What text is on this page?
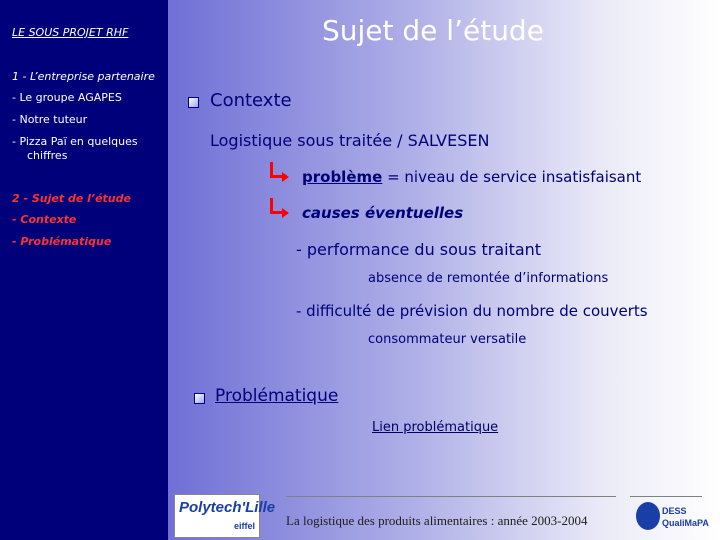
LE SOUS PROJET RHF
1 - L’entreprise partenaire
- Le groupe AGAPES
- Notre tuteur
- Pizza Paï en quelques
chiffres
2 - Sujet de l’étude
- Contexte
- Problématique
Sujet de l’étude
Contexte
Logistique sous traitée / SALVESEN
problème = niveau de service insatisfaisant
causes éventuelles
- performance du sous traitant
absence de remontée d’informations
- difficulté de prévision du nombre de couverts
consommateur versatile
Problématique
Lien problématique
Polytech'Lille
eiffel La logistique des produits alimentaires : année 2003-2004
DESS
QualiMaPA
